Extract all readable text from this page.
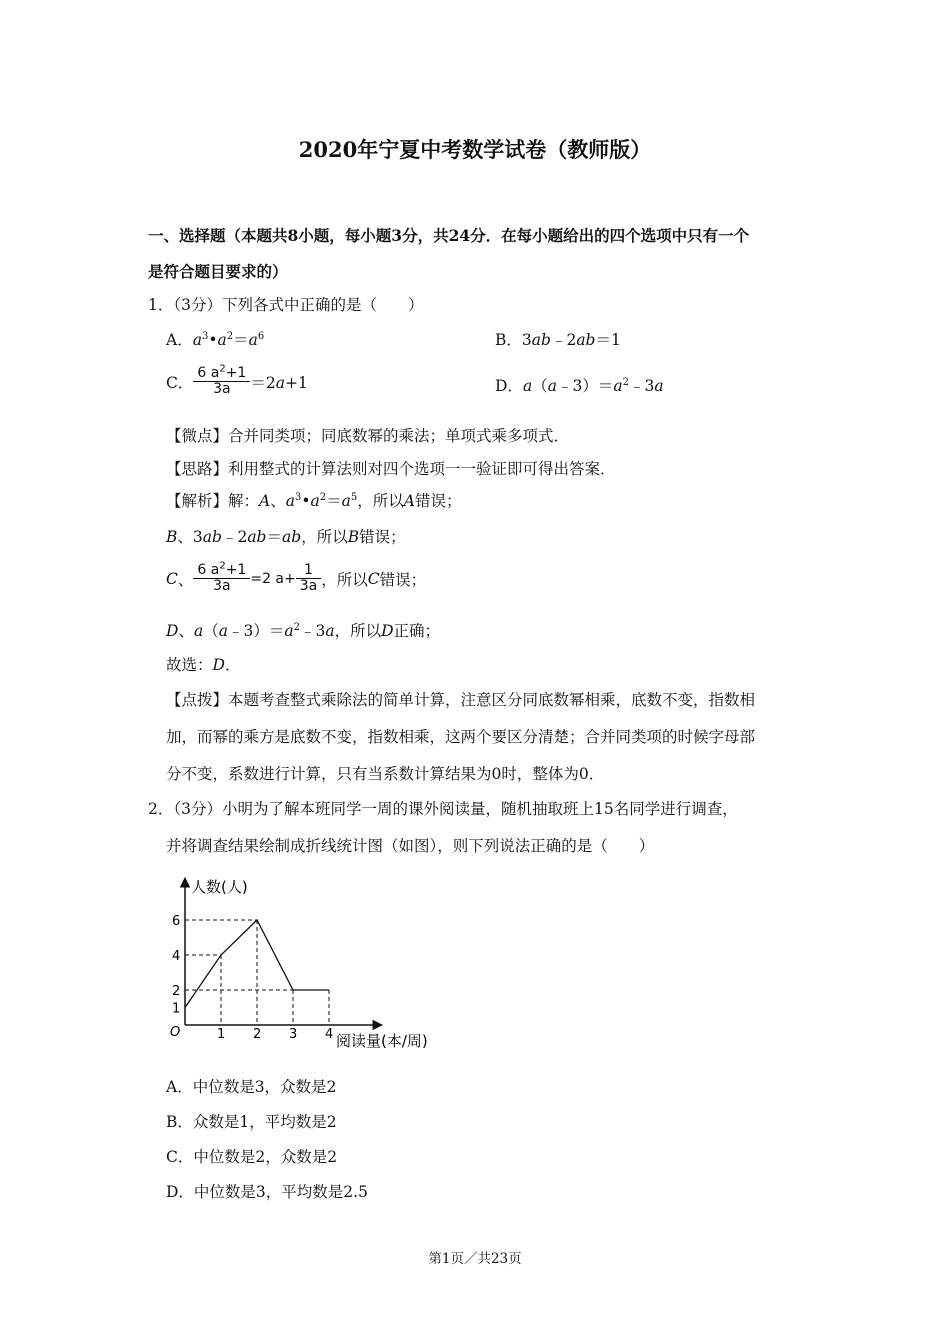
2020年宁夏中考数学试卷（教师版）
一、选择题（本题共8小题，每小题3分，共24分．在每小题给出的四个选项中只有一个
是符合题目要求的）
1．（3分）下列各式中正确的是（　　）
A．$a^3•a^2=a^6$	B．3ab﹣2ab＝1
C． $\frac{6 a^2+1}{3a} =2a+1$	D．$a(a﹣3)=a^2﹣3a$
【微点】合并同类项；同底数幂的乘法；单项式乘多项式．
【思路】利用整式的计算法则对四个选项一一验证即可得出答案．
【解析】解：A、$a^3•a^2=a^5$，所以A错误；
B、3ab﹣2ab＝ab，所以B错误；
C、 $\frac{6 a^2+1}{3a} =2$ $a+ \frac{1}{3a}$ ，所以C错误；
D、$a(a﹣3)=a^2﹣3a$，所以D正确；
故选：D．
【点拨】本题考查整式乘除法的简单计算，注意区分同底数幂相乘，底数不变，指数相
加，而幂的乘方是底数不变，指数相乘，这两个要区分清楚；合并同类项的时候字母部
分不变，系数进行计算，只有当系数计算结果为0时，整体为0．
2．（3分）小明为了解本班同学一周的课外阅读量，随机抽取班上15名同学进行调查，
并将调查结果绘制成折线统计图（如图），则下列说法正确的是（　　）
1 2 3 4
1
2
4
6
人数(人)
阅读量(本/周)
O
A．中位数是3，众数是2
B．众数是1，平均数是2
C．中位数是2，众数是2
D．中位数是3，平均数是2.5
第1页／共23页
